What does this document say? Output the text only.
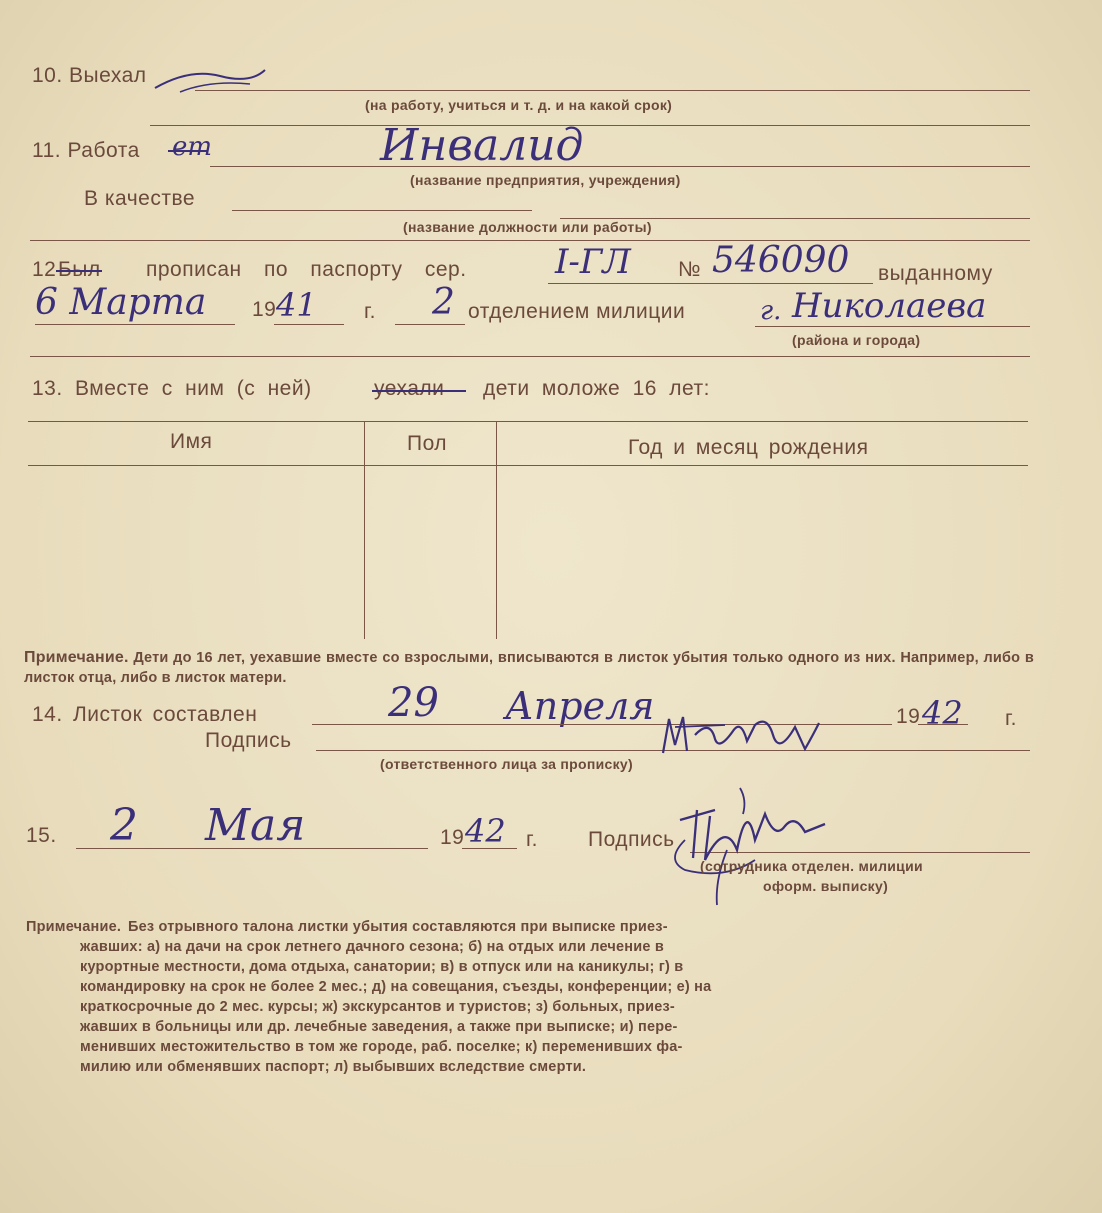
10. Выехал
(на работу, учиться и т. д. и на какой срок)
11. Работа ет	Инвалид
(название предприятия, учреждения)
В качестве
(название должности или работы)
12 Был прописан по паспорту сер.	I-ГЛ № 546090 выданному
6 Марта 19 41 г. 2 отделением милиции	г. Николаева
(района и города)
13. Вместе с ним (с ней)	уехали дети моложе 16 лет:
Имя	Пол	Год и месяц рождения
Примечание. Дети до 16 лет, уехавшие вместе со взрослыми, вписываются в листок убытия только одного из них. Например, либо в листок отца, либо в листок матери.
14. Листок составлен	29 Апреля	19 42 г.
Подпись
(ответственного лица за прописку)
15. 2 Мая	19 42 г. Подпись
(сотрудника отделен. милиции
оформ. выписку)
Примечание. Без отрывного талона листки убытия составляются при выписке приез-
жавших: а) на дачи на срок летнего дачного сезона; б) на отдых или лечение в
курортные местности, дома отдыха, санатории; в) в отпуск или на каникулы; г) в
командировку на срок не более 2 мес.; д) на совещания, съезды, конференции; е) на
краткосрочные до 2 мес. курсы; ж) экскурсантов и туристов; з) больных, приез-
жавших в больницы или др. лечебные заведения, а также при выписке; и) пере-
менивших местожительство в том же городе, раб. поселке; к) переменивших фа-
милию или обменявших паспорт; л) выбывших вследствие смерти.
